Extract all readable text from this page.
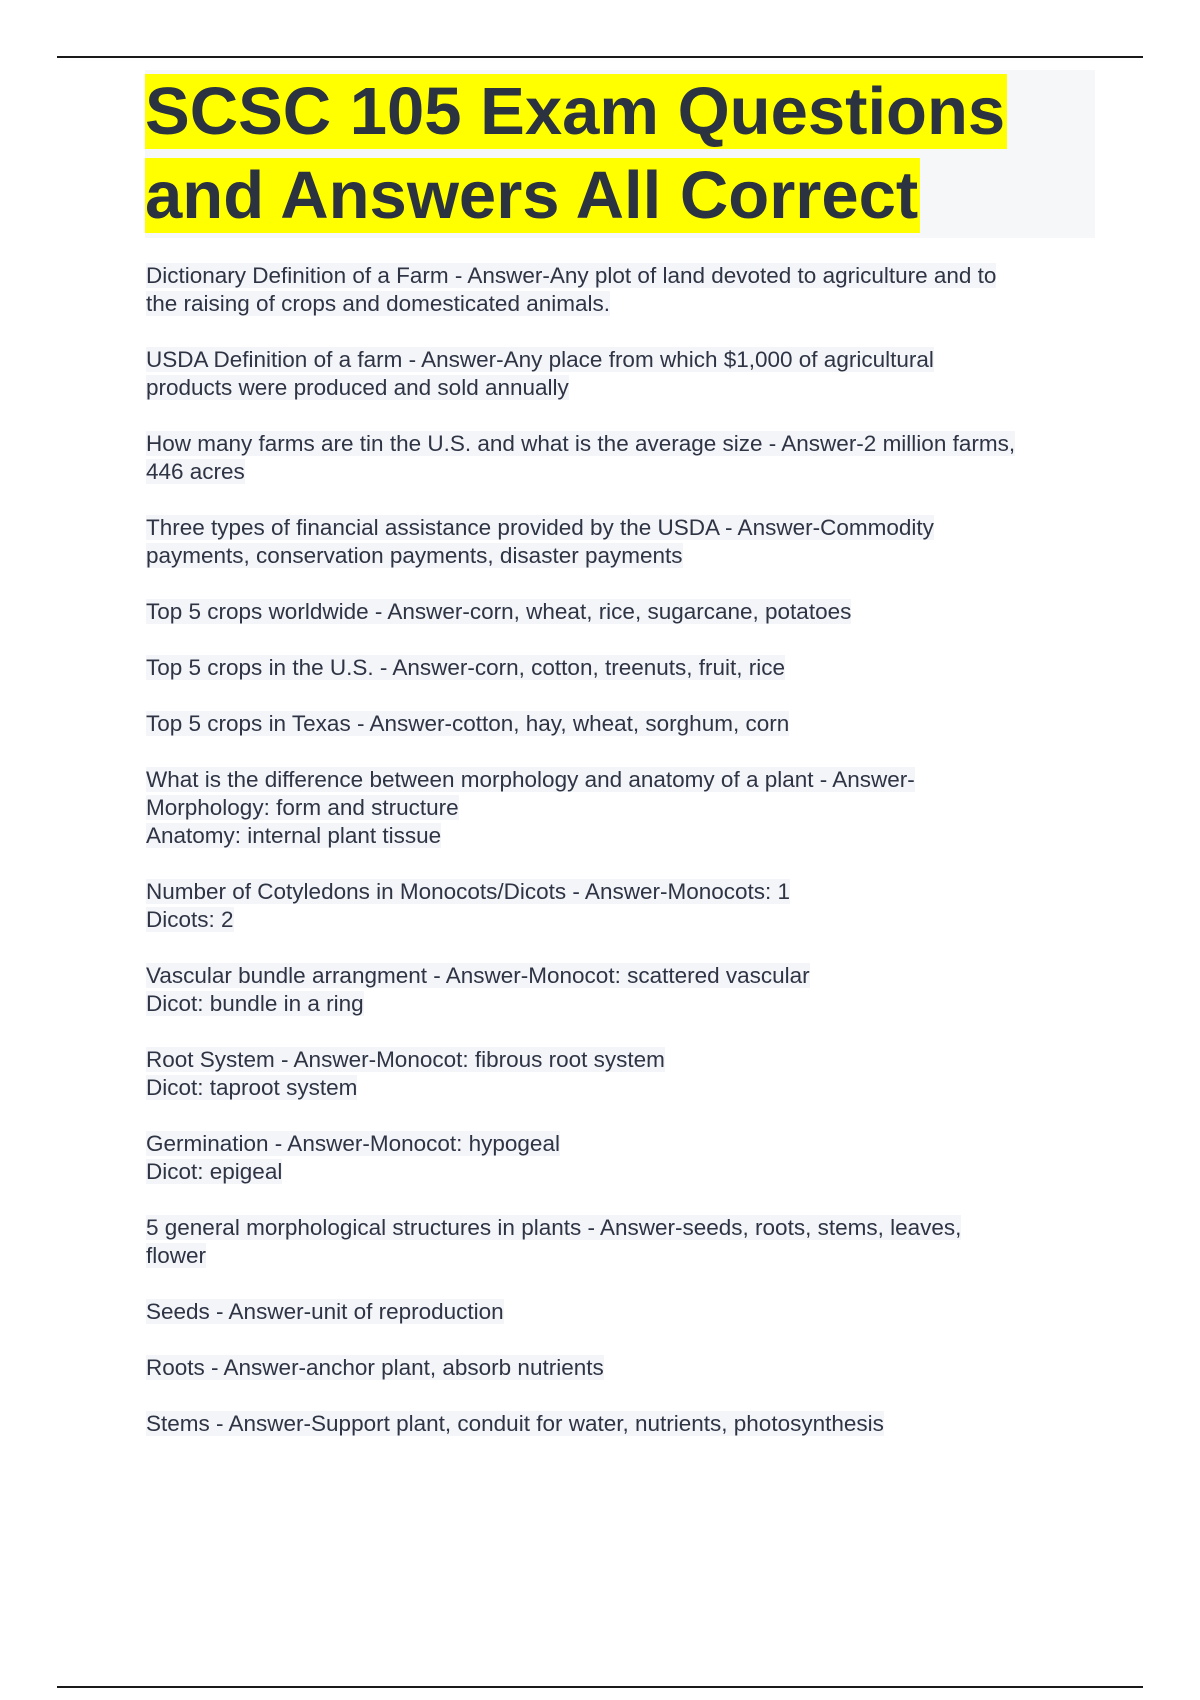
SCSC 105 Exam Questions
and Answers All Correct

Dictionary Definition of a Farm - Answer-Any plot of land devoted to agriculture and to
the raising of crops and domesticated animals.

USDA Definition of a farm - Answer-Any place from which $1,000 of agricultural
products were produced and sold annually

How many farms are tin the U.S. and what is the average size - Answer-2 million farms,
446 acres

Three types of financial assistance provided by the USDA - Answer-Commodity
payments, conservation payments, disaster payments

Top 5 crops worldwide - Answer-corn, wheat, rice, sugarcane, potatoes

Top 5 crops in the U.S. - Answer-corn, cotton, treenuts, fruit, rice

Top 5 crops in Texas - Answer-cotton, hay, wheat, sorghum, corn

What is the difference between morphology and anatomy of a plant - Answer-
Morphology: form and structure
Anatomy: internal plant tissue

Number of Cotyledons in Monocots/Dicots - Answer-Monocots: 1
Dicots: 2

Vascular bundle arrangment - Answer-Monocot: scattered vascular
Dicot: bundle in a ring

Root System - Answer-Monocot: fibrous root system
Dicot: taproot system

Germination - Answer-Monocot: hypogeal
Dicot: epigeal

5 general morphological structures in plants - Answer-seeds, roots, stems, leaves,
flower

Seeds - Answer-unit of reproduction

Roots - Answer-anchor plant, absorb nutrients

Stems - Answer-Support plant, conduit for water, nutrients, photosynthesis
